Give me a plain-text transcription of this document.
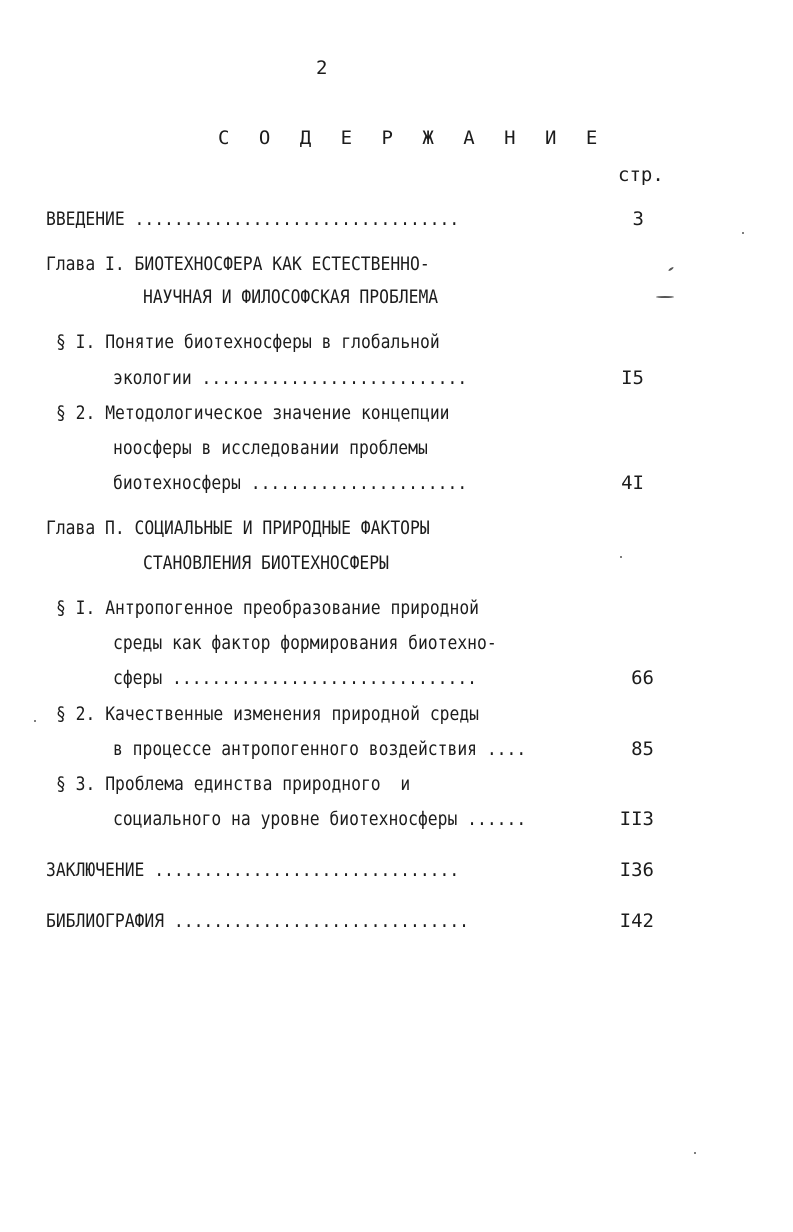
2
С О Д Е Р Ж А Н И Е
стр.
ВВЕДЕНИЕ .................................	3
Глава I. БИОТЕХНОСФЕРА КАК ЕСТЕСТВЕННО-
НАУЧНАЯ И ФИЛОСОФСКАЯ ПРОБЛЕМА
§ I. Понятие биотехносферы в глобальной
экологии ...........................	I5
§ 2. Методологическое значение концепции
ноосферы в исследовании проблемы
биотехносферы ......................	4I
Глава П. СОЦИАЛЬНЫЕ И ПРИРОДНЫЕ ФАКТОРЫ
СТАНОВЛЕНИЯ БИОТЕХНОСФЕРЫ
§ I. Антропогенное преобразование природной
среды как фактор формирования биотехно-
сферы ...............................	66
§ 2. Качественные изменения природной среды
в процессе антропогенного воздействия ....	85
§ 3. Проблема единства природного  и
социального на уровне биотехносферы ......	II3
ЗАКЛЮЧЕНИЕ ...............................	I36
БИБЛИОГРАФИЯ ..............................	I42
